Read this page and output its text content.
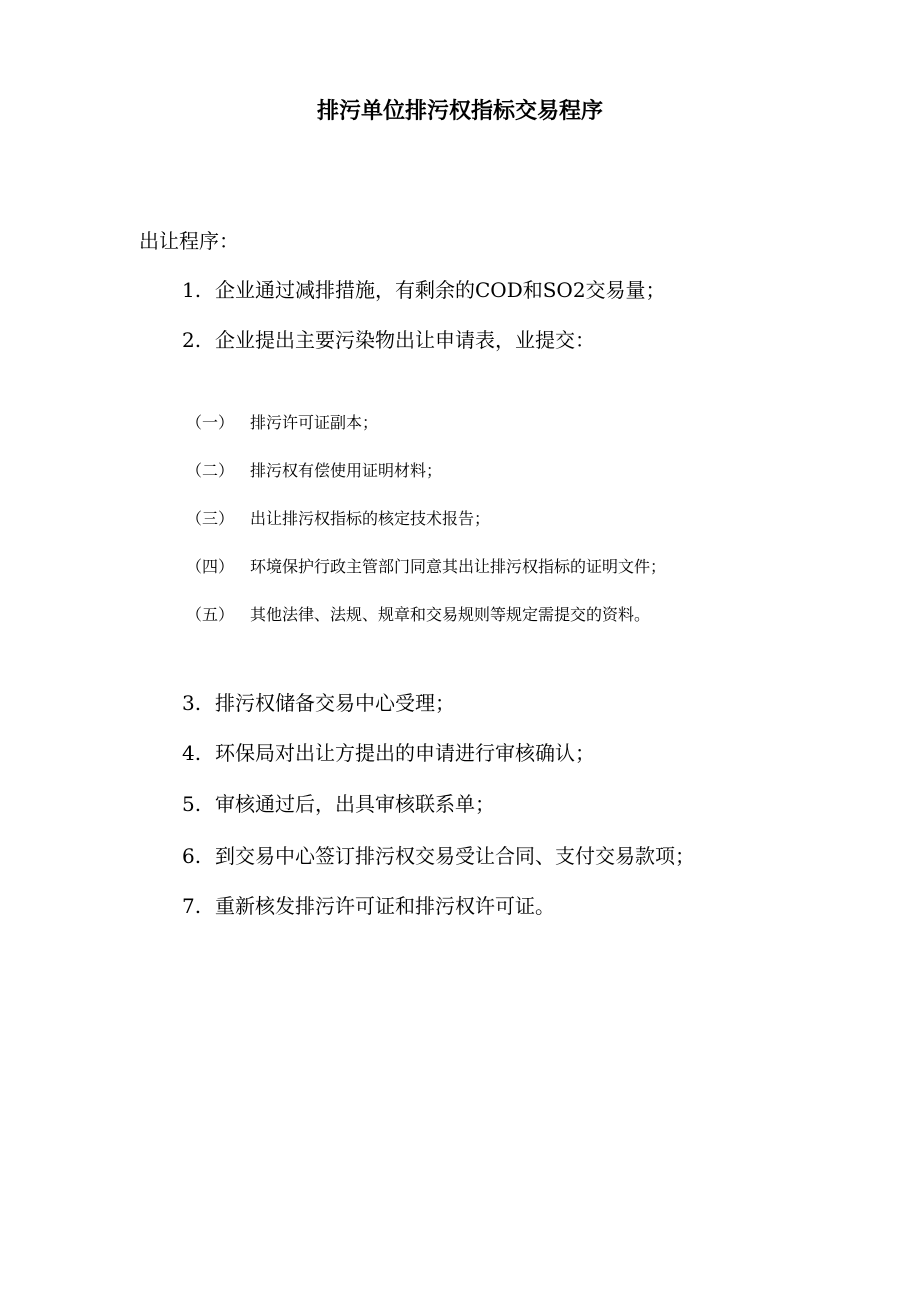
排污单位排污权指标交易程序
出让程序：
1. 企业通过减排措施，有剩余的COD和SO2交易量；
2. 企业提出主要污染物出让申请表，业提交：
（一） 排污许可证副本；
（二） 排污权有偿使用证明材料；
（三） 出让排污权指标的核定技术报告；
（四） 环境保护行政主管部门同意其出让排污权指标的证明文件；
（五） 其他法律、法规、规章和交易规则等规定需提交的资料。
3. 排污权储备交易中心受理；
4. 环保局对出让方提出的申请进行审核确认；
5. 审核通过后，出具审核联系单；
6. 到交易中心签订排污权交易受让合同、支付交易款项；
7. 重新核发排污许可证和排污权许可证。
